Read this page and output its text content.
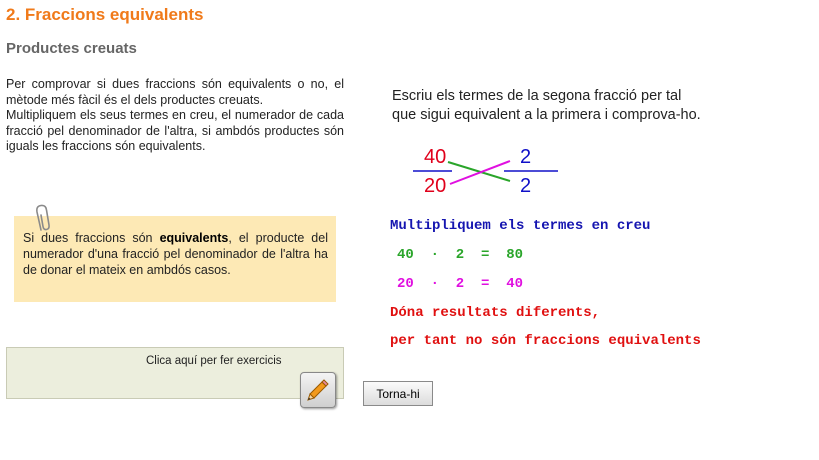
2. Fraccions equivalents
Productes creuats
Per comprovar si dues fraccions són equivalents o no, el mètode més fàcil és el dels productes creuats.
Multipliquem els seus termes en creu, el numerador de cada fracció pel denominador de l'altra, si ambdós productes són iguals les fraccions són equivalents.

Si dues fraccions són equivalents, el producte del numerador d'una fracció pel denominador de l'altra ha de donar el mateix en ambdós casos.

Clica aquí per fer exercicis
Torna-hi
Escriu els termes de la segona fracció per tal
que sigui equivalent a la primera i comprova-ho.
40
20
2
2
Multipliquem els termes en creu
40  ·  2  =  80
20  ·  2  =  40
Dóna resultats diferents,
per tant no són fraccions equivalents
